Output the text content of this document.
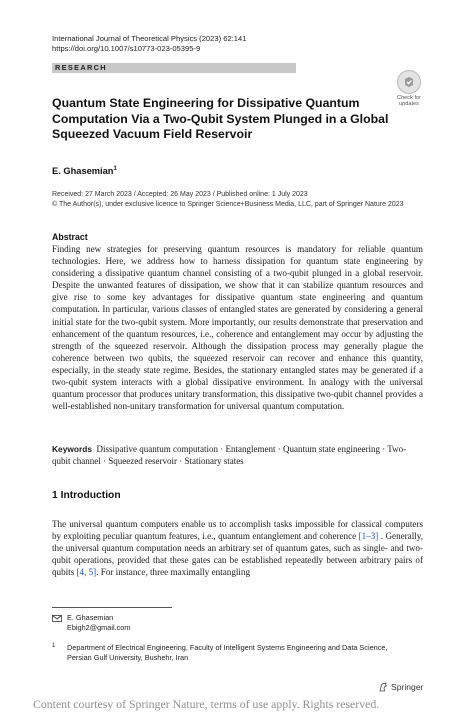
International Journal of Theoretical Physics (2023) 62:141
https://doi.org/10.1007/s10773-023-05395-9
RESEARCH
Check for
updates
Quantum State Engineering for Dissipative Quantum
Computation Via a Two-Qubit System Plunged in a Global
Squeezed Vacuum Field Reservoir
E. Ghasemian$^1$
Received: 27 March 2023 / Accepted: 26 May 2023 / Published online: 1 July 2023
© The Author(s), under exclusive licence to Springer Science+Business Media, LLC, part of Springer Nature 2023
Abstract

Finding new strategies for preserving quantum resources is mandatory for reliable quantum technologies. Here, we address how to harness dissipation for quantum state engineering by considering a dissipative quantum channel consisting of a two-qubit plunged in a global reservoir. Despite the unwanted features of dissipation, we show that it can stabilize quantum resources and give rise to some key advantages for dissipative quantum state engineering and quantum computation. In particular, various classes of entangled states are generated by considering a general initial state for the two-qubit system. More importantly, our results demonstrate that preservation and enhancement of the quantum resources, i.e., coherence and entanglement may occur by adjusting the strength of the squeezed reservoir. Although the dissipation process may generally plague the coherence between two qubits, the squeezed reservoir can recover and enhance this quantity, especially, in the steady state regime. Besides, the stationary entangled states may be generated if a two-qubit system interacts with a global dissipative environment. In analogy with the universal quantum processor that produces unitary transformation, this dissipative two-qubit channel provides a well-established non-unitary transformation for universal quantum computation.

Keywords Dissipative quantum computation · Entanglement · Quantum state engineering · Two-qubit channel · Squeezed reservoir · Stationary states
1 Introduction

The universal quantum computers enable us to accomplish tasks impossible for classical computers by exploiting peculiar quantum features, i.e., quantum entanglement and coherence [1–3] . Generally, the universal quantum computation needs an arbitrary set of quantum gates, such as single- and two-qubit operations, provided that these gates can be established repeatedly between arbitrary pairs of qubits [4, 5]. For instance, three maximally entangling

E. Ghasemian
Ebigh2@gmail.com
1 Department of Electrical Engineering, Faculty of Intelligent Systems Engineering and Data Science,
Persian Gulf University, Bushehr, Iran
Springer
Content courtesy of Springer Nature, terms of use apply. Rights reserved.
